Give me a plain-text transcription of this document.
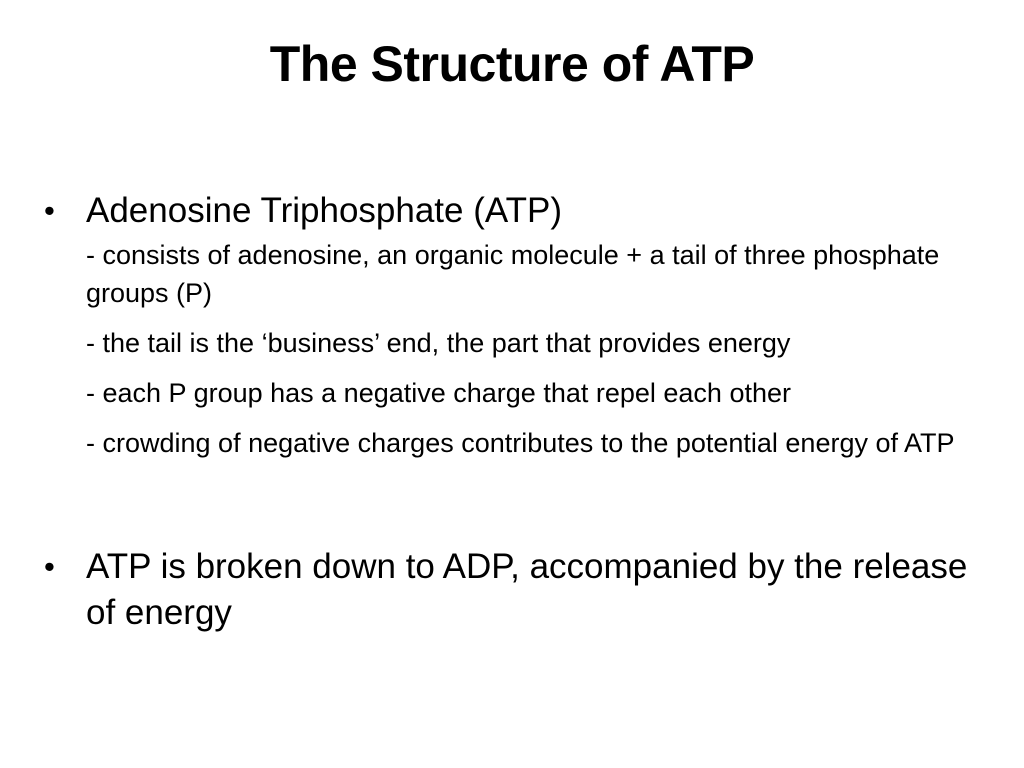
The Structure of ATP
• Adenosine Triphosphate (ATP)
- consists of adenosine, an organic molecule + a tail of three phosphate groups (P)
- the tail is the ‘business’ end, the part that provides energy
- each P group has a negative charge that repel each other
- crowding of negative charges contributes to the potential energy of ATP
• ATP is broken down to ADP, accompanied by the release of energy
